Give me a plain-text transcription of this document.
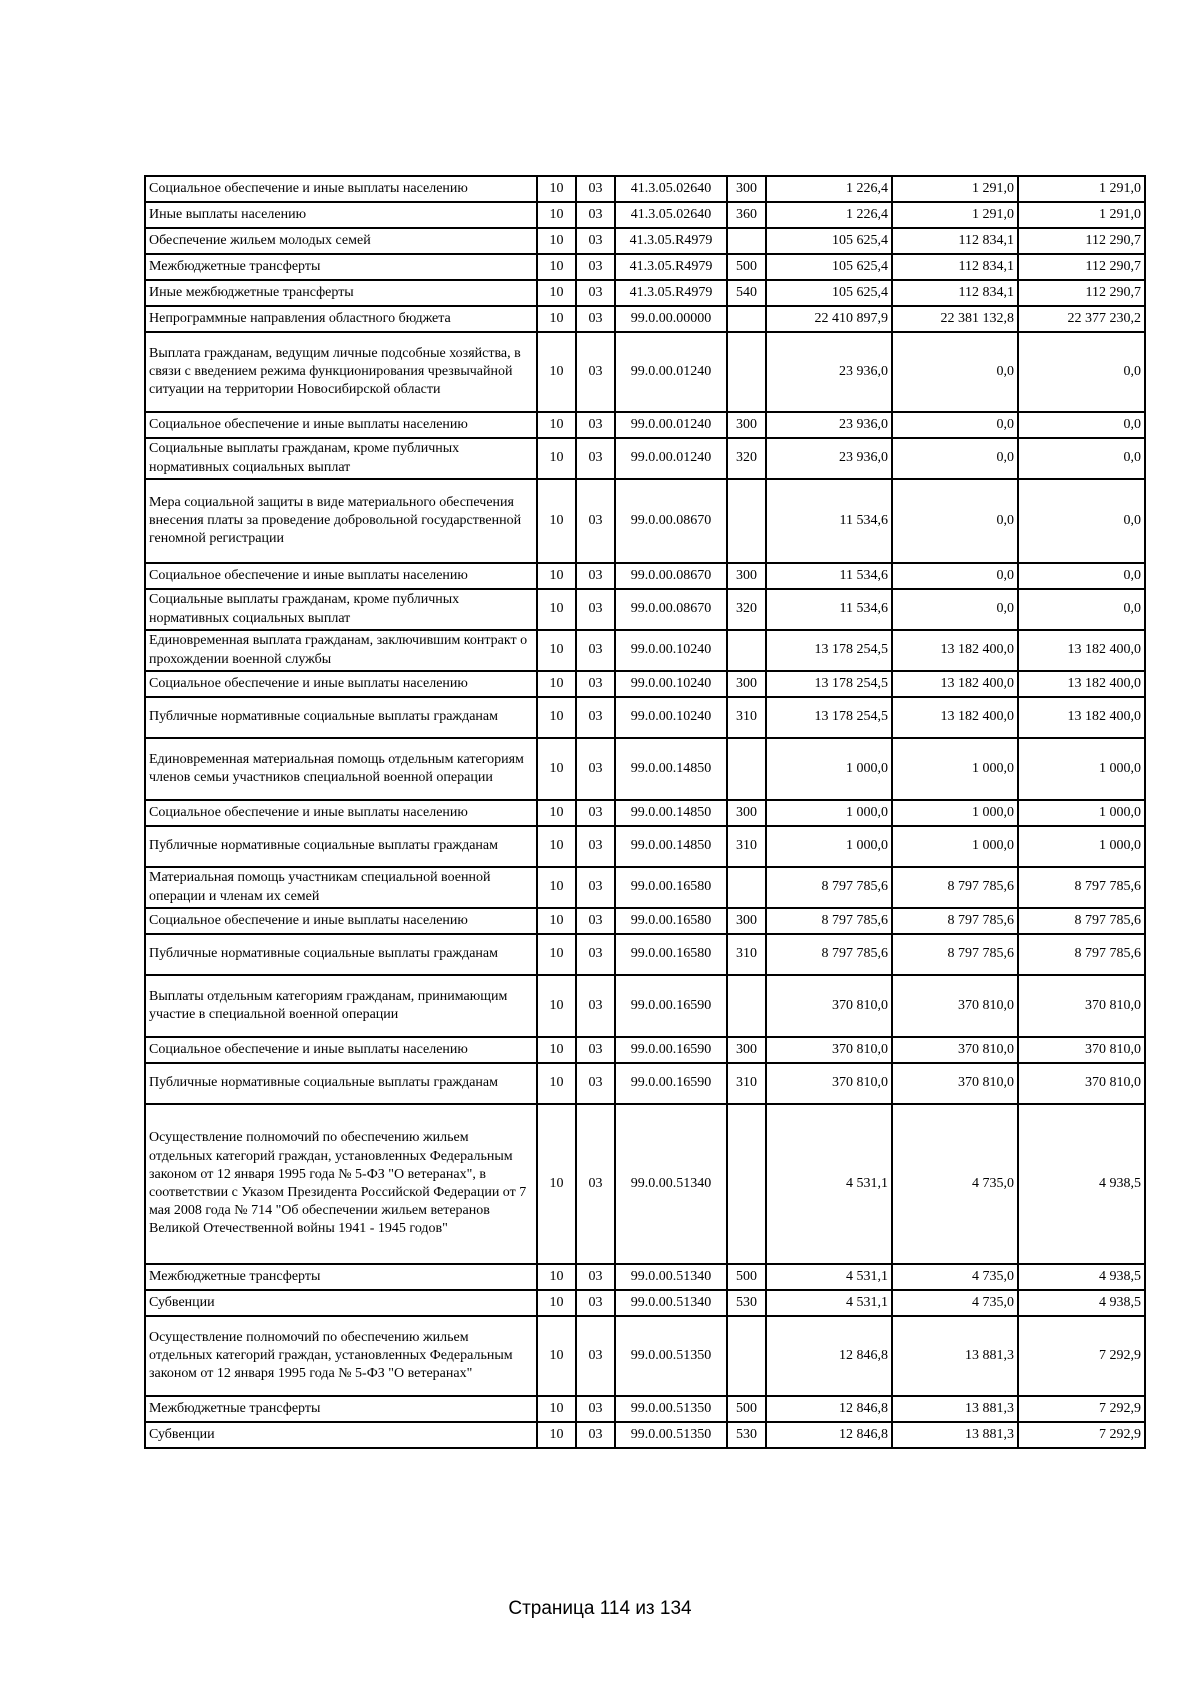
Социальное обеспечение и иные выплаты населению	10	03	41.3.05.02640	300	1 226,4	1 291,0	1 291,0
Иные выплаты населению	10	03	41.3.05.02640	360	1 226,4	1 291,0	1 291,0
Обеспечение жильем молодых семей	10	03	41.3.05.R4979		105 625,4	112 834,1	112 290,7
Межбюджетные трансферты	10	03	41.3.05.R4979	500	105 625,4	112 834,1	112 290,7
Иные межбюджетные трансферты	10	03	41.3.05.R4979	540	105 625,4	112 834,1	112 290,7
Непрограммные направления областного бюджета	10	03	99.0.00.00000		22 410 897,9	22 381 132,8	22 377 230,2
Выплата гражданам, ведущим личные подсобные хозяйства, в связи с введением режима функционирования чрезвычайной ситуации на территории Новосибирской области	10	03	99.0.00.01240		23 936,0	0,0	0,0
Социальное обеспечение и иные выплаты населению	10	03	99.0.00.01240	300	23 936,0	0,0	0,0
Социальные выплаты гражданам, кроме публичных нормативных социальных выплат	10	03	99.0.00.01240	320	23 936,0	0,0	0,0
Мера социальной защиты в виде материального обеспечения внесения платы за проведение добровольной государственной геномной регистрации	10	03	99.0.00.08670		11 534,6	0,0	0,0
Социальное обеспечение и иные выплаты населению	10	03	99.0.00.08670	300	11 534,6	0,0	0,0
Социальные выплаты гражданам, кроме публичных нормативных социальных выплат	10	03	99.0.00.08670	320	11 534,6	0,0	0,0
Единовременная выплата гражданам, заключившим контракт о прохождении военной службы	10	03	99.0.00.10240		13 178 254,5	13 182 400,0	13 182 400,0
Социальное обеспечение и иные выплаты населению	10	03	99.0.00.10240	300	13 178 254,5	13 182 400,0	13 182 400,0
Публичные нормативные социальные выплаты гражданам	10	03	99.0.00.10240	310	13 178 254,5	13 182 400,0	13 182 400,0
Единовременная материальная помощь отдельным категориям членов семьи участников специальной военной операции	10	03	99.0.00.14850		1 000,0	1 000,0	1 000,0
Социальное обеспечение и иные выплаты населению	10	03	99.0.00.14850	300	1 000,0	1 000,0	1 000,0
Публичные нормативные социальные выплаты гражданам	10	03	99.0.00.14850	310	1 000,0	1 000,0	1 000,0
Материальная помощь участникам специальной военной операции и членам их семей	10	03	99.0.00.16580		8 797 785,6	8 797 785,6	8 797 785,6
Социальное обеспечение и иные выплаты населению	10	03	99.0.00.16580	300	8 797 785,6	8 797 785,6	8 797 785,6
Публичные нормативные социальные выплаты гражданам	10	03	99.0.00.16580	310	8 797 785,6	8 797 785,6	8 797 785,6
Выплаты отдельным категориям гражданам, принимающим участие в специальной военной операции	10	03	99.0.00.16590		370 810,0	370 810,0	370 810,0
Социальное обеспечение и иные выплаты населению	10	03	99.0.00.16590	300	370 810,0	370 810,0	370 810,0
Публичные нормативные социальные выплаты гражданам	10	03	99.0.00.16590	310	370 810,0	370 810,0	370 810,0
Осуществление полномочий по обеспечению жильем отдельных категорий граждан, установленных Федеральным законом от 12 января 1995 года № 5-ФЗ "О ветеранах", в соответствии с Указом Президента Российской Федерации от 7 мая 2008 года № 714 "Об обеспечении жильем ветеранов Великой Отечественной войны 1941 - 1945 годов"	10	03	99.0.00.51340		4 531,1	4 735,0	4 938,5
Межбюджетные трансферты	10	03	99.0.00.51340	500	4 531,1	4 735,0	4 938,5
Субвенции	10	03	99.0.00.51340	530	4 531,1	4 735,0	4 938,5
Осуществление полномочий по обеспечению жильем отдельных категорий граждан, установленных Федеральным законом от 12 января 1995 года № 5-ФЗ "О ветеранах"	10	03	99.0.00.51350		12 846,8	13 881,3	7 292,9
Межбюджетные трансферты	10	03	99.0.00.51350	500	12 846,8	13 881,3	7 292,9
Субвенции	10	03	99.0.00.51350	530	12 846,8	13 881,3	7 292,9
Страница 114 из 134
